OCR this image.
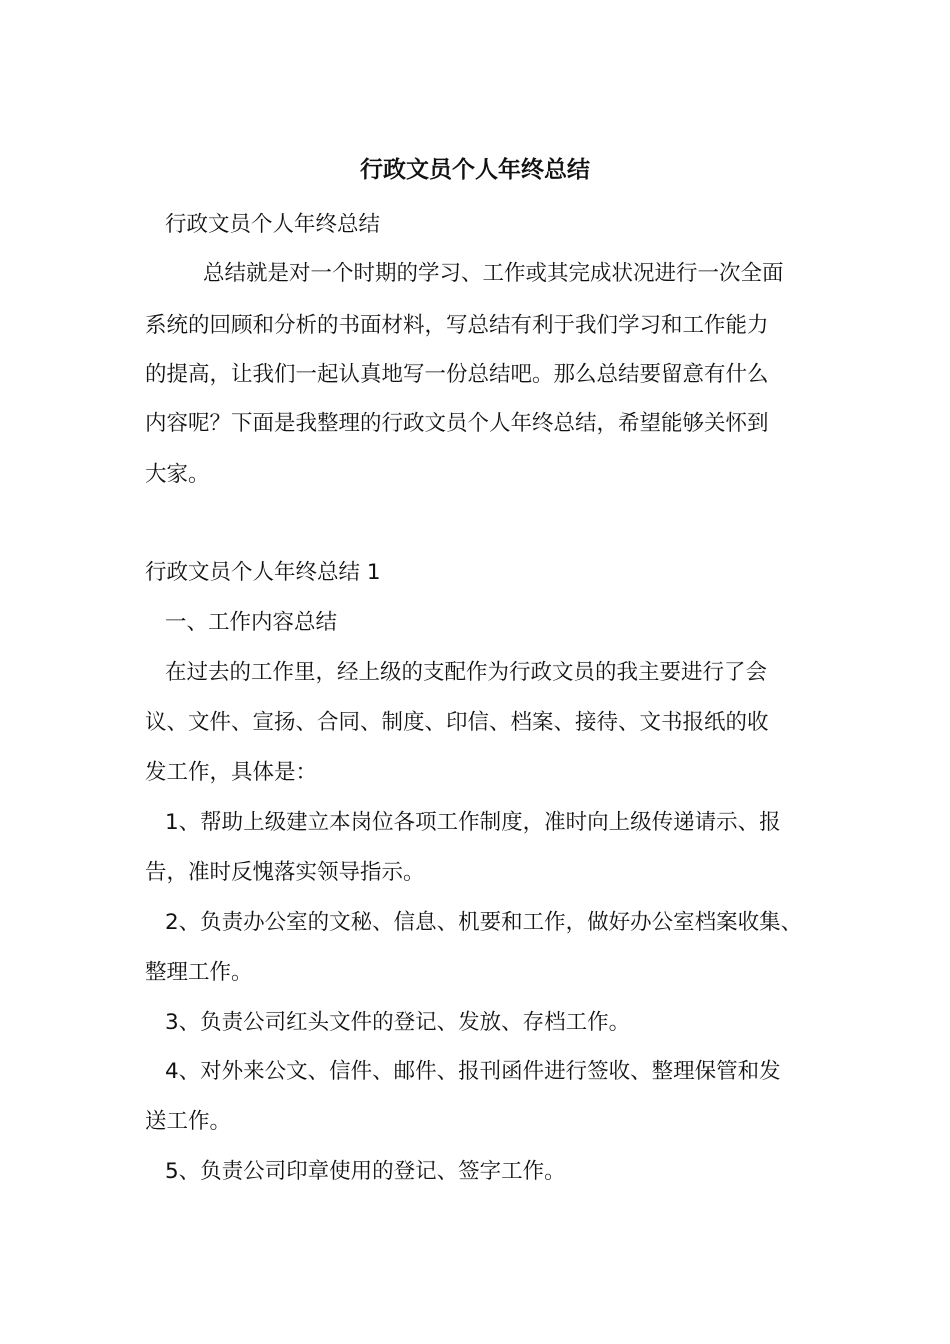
行政文员个人年终总结
行政文员个人年终总结
总结就是对一个时期的学习、工作或其完成状况进行一次全面
系统的回顾和分析的书面材料，写总结有利于我们学习和工作能力
的提高，让我们一起认真地写一份总结吧。那么总结要留意有什么
内容呢？下面是我整理的行政文员个人年终总结，希望能够关怀到
大家。
行政文员个人年终总结 1
一、工作内容总结
在过去的工作里，经上级的支配作为行政文员的我主要进行了会
议、文件、宣扬、合同、制度、印信、档案、接待、文书报纸的收
发工作，具体是：
1、帮助上级建立本岗位各项工作制度，准时向上级传递请示、报
告，准时反愧落实领导指示。
2、负责办公室的文秘、信息、机要和工作，做好办公室档案收集、
整理工作。
3、负责公司红头文件的登记、发放、存档工作。
4、对外来公文、信件、邮件、报刊函件进行签收、整理保管和发
送工作。
5、负责公司印章使用的登记、签字工作。
